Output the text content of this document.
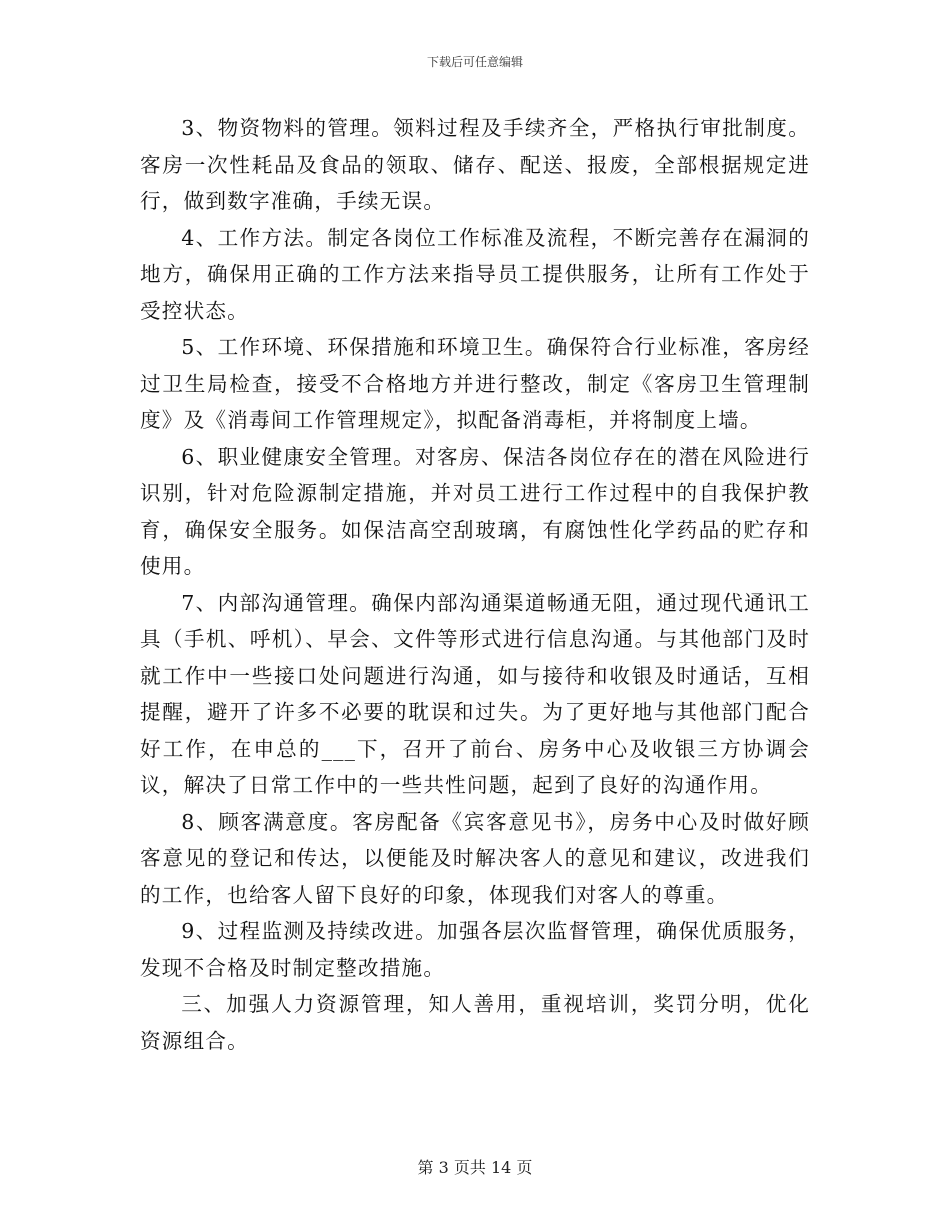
下载后可任意编辑

3、物资物料的管理。领料过程及手续齐全，严格执行审批制度。客房一次性耗品及食品的领取、储存、配送、报废，全部根据规定进行，做到数字准确，手续无误。

4、工作方法。制定各岗位工作标准及流程，不断完善存在漏洞的地方，确保用正确的工作方法来指导员工提供服务，让所有工作处于受控状态。

5、工作环境、环保措施和环境卫生。确保符合行业标准，客房经过卫生局检查，接受不合格地方并进行整改，制定《客房卫生管理制度》及《消毒间工作管理规定》，拟配备消毒柜，并将制度上墙。

6、职业健康安全管理。对客房、保洁各岗位存在的潜在风险进行识别，针对危险源制定措施，并对员工进行工作过程中的自我保护教育，确保安全服务。如保洁高空刮玻璃，有腐蚀性化学药品的贮存和使用。

7、内部沟通管理。确保内部沟通渠道畅通无阻，通过现代通讯工具（手机、呼机）、早会、文件等形式进行信息沟通。与其他部门及时就工作中一些接口处问题进行沟通，如与接待和收银及时通话，互相提醒，避开了许多不必要的耽误和过失。为了更好地与其他部门配合好工作，在申总的___下，召开了前台、房务中心及收银三方协调会议，解决了日常工作中的一些共性问题，起到了良好的沟通作用。

8、顾客满意度。客房配备《宾客意见书》，房务中心及时做好顾客意见的登记和传达，以便能及时解决客人的意见和建议，改进我们的工作，也给客人留下良好的印象，体现我们对客人的尊重。

9、过程监测及持续改进。加强各层次监督管理，确保优质服务，发现不合格及时制定整改措施。

三、加强人力资源管理，知人善用，重视培训，奖罚分明，优化资源组合。

第 3 页共 14 页
